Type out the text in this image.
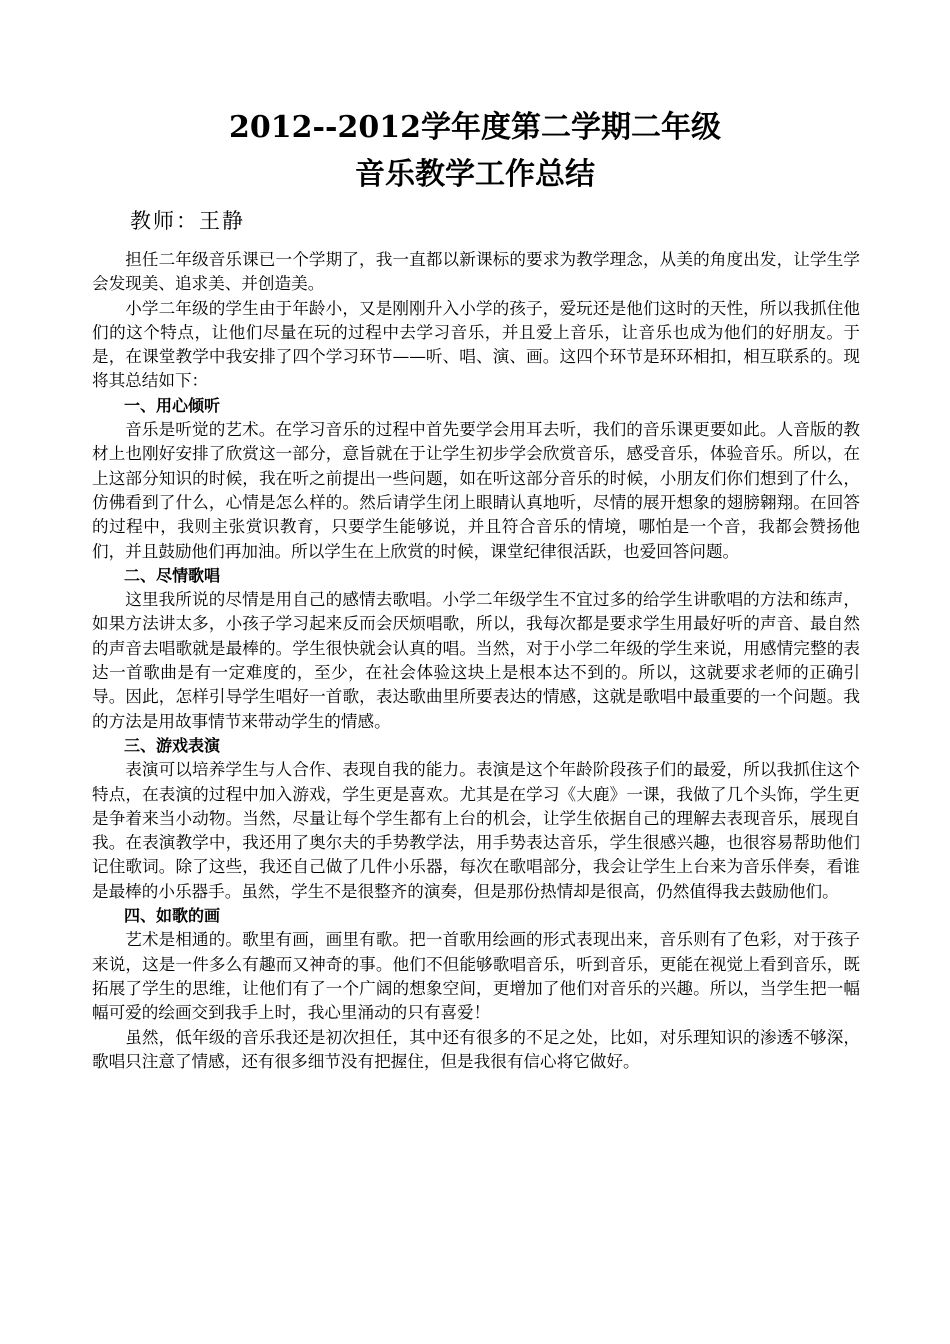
2012--2012学年度第二学期二年级
音乐教学工作总结
教师：王静

担任二年级音乐课已一个学期了，我一直都以新课标的要求为教学理念，从美的角度出发，让学生学会发现美、追求美、并创造美。

小学二年级的学生由于年龄小，又是刚刚升入小学的孩子，爱玩还是他们这时的天性，所以我抓住他们的这个特点，让他们尽量在玩的过程中去学习音乐，并且爱上音乐，让音乐也成为他们的好朋友。于是，在课堂教学中我安排了四个学习环节——听、唱、演、画。这四个环节是环环相扣，相互联系的。现将其总结如下：

一、用心倾听

音乐是听觉的艺术。在学习音乐的过程中首先要学会用耳去听，我们的音乐课更要如此。人音版的教材上也刚好安排了欣赏这一部分，意旨就在于让学生初步学会欣赏音乐，感受音乐，体验音乐。所以，在上这部分知识的时候，我在听之前提出一些问题，如在听这部分音乐的时候，小朋友们你们想到了什么，仿佛看到了什么，心情是怎么样的。然后请学生闭上眼睛认真地听，尽情的展开想象的翅膀翱翔。在回答的过程中，我则主张赏识教育，只要学生能够说，并且符合音乐的情境，哪怕是一个音，我都会赞扬他们，并且鼓励他们再加油。所以学生在上欣赏的时候，课堂纪律很活跃，也爱回答问题。

二、尽情歌唱

这里我所说的尽情是用自己的感情去歌唱。小学二年级学生不宜过多的给学生讲歌唱的方法和练声，如果方法讲太多，小孩子学习起来反而会厌烦唱歌，所以，我每次都是要求学生用最好听的声音、最自然的声音去唱歌就是最棒的。学生很快就会认真的唱。当然，对于小学二年级的学生来说，用感情完整的表达一首歌曲是有一定难度的，至少，在社会体验这块上是根本达不到的。所以，这就要求老师的正确引导。因此，怎样引导学生唱好一首歌，表达歌曲里所要表达的情感，这就是歌唱中最重要的一个问题。我的方法是用故事情节来带动学生的情感。

三、游戏表演

表演可以培养学生与人合作、表现自我的能力。表演是这个年龄阶段孩子们的最爱，所以我抓住这个特点，在表演的过程中加入游戏，学生更是喜欢。尤其是在学习《大鹿》一课，我做了几个头饰，学生更是争着来当小动物。当然，尽量让每个学生都有上台的机会，让学生依据自己的理解去表现音乐，展现自我。在表演教学中，我还用了奥尔夫的手势教学法，用手势表达音乐，学生很感兴趣，也很容易帮助他们记住歌词。除了这些，我还自己做了几件小乐器，每次在歌唱部分，我会让学生上台来为音乐伴奏，看谁是最棒的小乐器手。虽然，学生不是很整齐的演奏，但是那份热情却是很高，仍然值得我去鼓励他们。

四、如歌的画

艺术是相通的。歌里有画，画里有歌。把一首歌用绘画的形式表现出来，音乐则有了色彩，对于孩子来说，这是一件多么有趣而又神奇的事。他们不但能够歌唱音乐，听到音乐，更能在视觉上看到音乐，既拓展了学生的思维，让他们有了一个广阔的想象空间，更增加了他们对音乐的兴趣。所以，当学生把一幅幅可爱的绘画交到我手上时，我心里涌动的只有喜爱！

虽然，低年级的音乐我还是初次担任，其中还有很多的不足之处，比如，对乐理知识的渗透不够深，歌唱只注意了情感，还有很多细节没有把握住，但是我很有信心将它做好。
